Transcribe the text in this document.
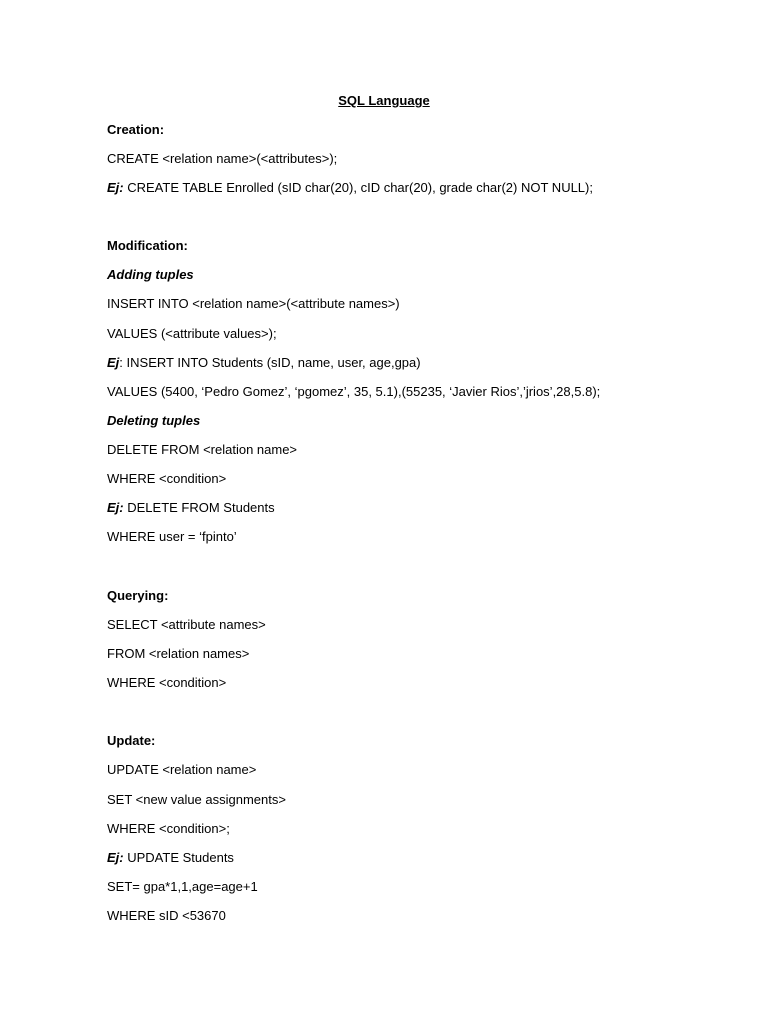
SQL Language
Creation:
CREATE <relation name>(<attributes>);
Ej: CREATE TABLE Enrolled (sID char(20), cID char(20), grade char(2) NOT NULL);
Modification:
Adding tuples
INSERT INTO <relation name>(<attribute names>)
VALUES (<attribute values>);
Ej: INSERT INTO Students (sID, name, user, age,gpa)
VALUES (5400, ‘Pedro Gomez’, ‘pgomez’, 35, 5.1),(55235, ‘Javier Rios’,’jrios’,28,5.8);
Deleting tuples
DELETE FROM <relation name>
WHERE <condition>
Ej: DELETE FROM Students
WHERE user = ‘fpinto’
Querying:
SELECT <attribute names>
FROM <relation names>
WHERE <condition>
Update:
UPDATE <relation name>
SET <new value assignments>
WHERE <condition>;
Ej: UPDATE Students
SET= gpa*1,1,age=age+1
WHERE sID <53670
